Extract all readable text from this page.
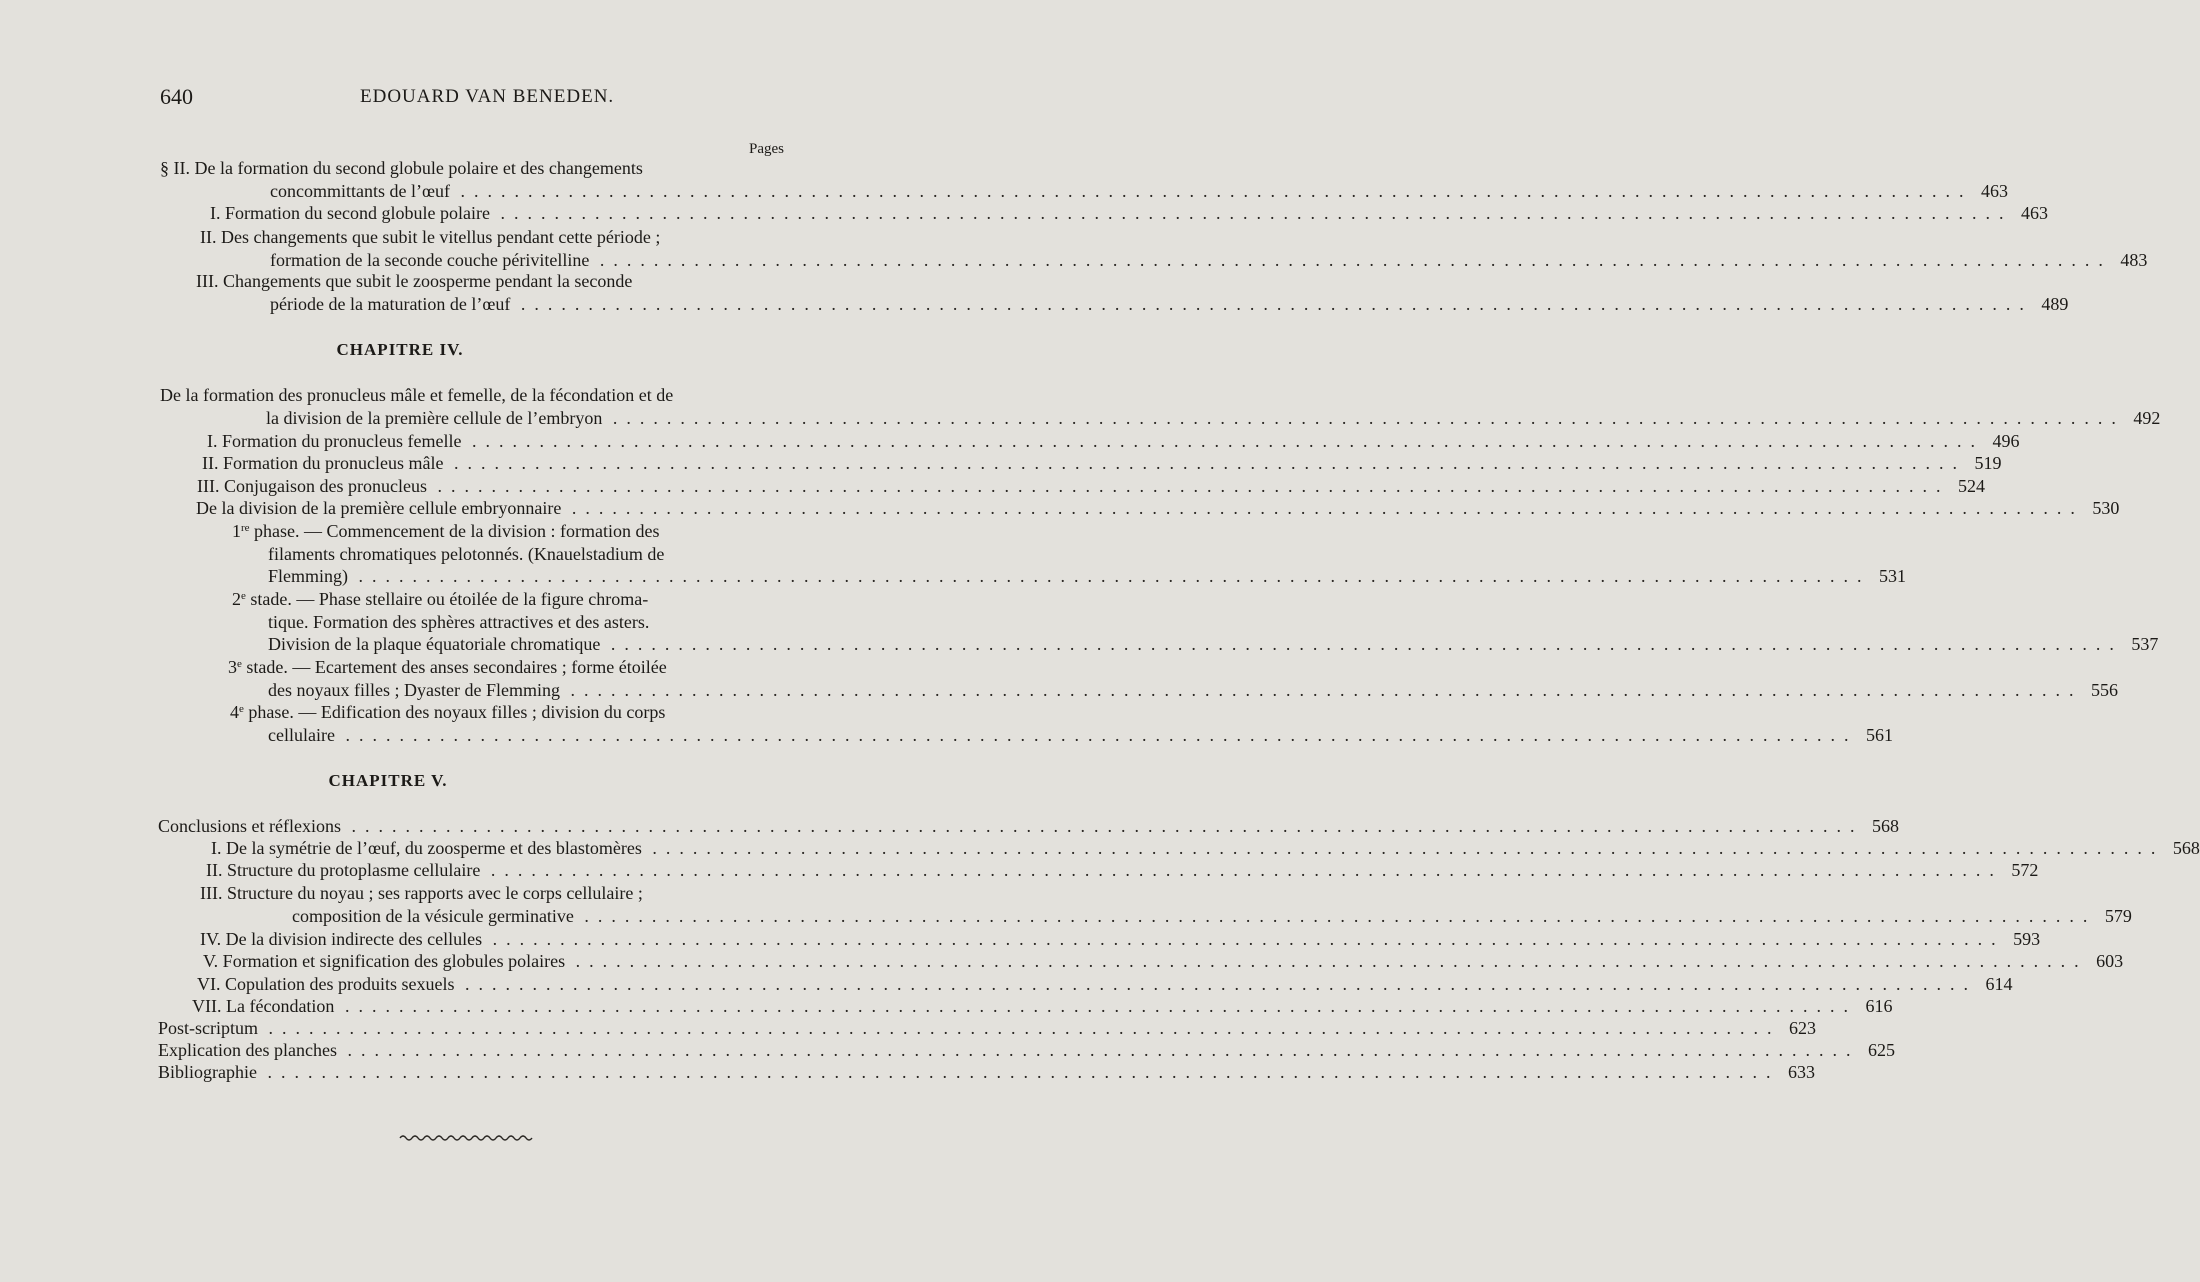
640	EDOUARD VAN BENEDEN.
Pages
§ II. De la formation du second globule polaire et des changements
concommittants de l’œuf .....	463
I. Formation du second globule polaire .....	463
II. Des changements que subit le vitellus pendant cette période ;
formation de la seconde couche périvitelline .....	483
III. Changements que subit le zoosperme pendant la seconde
période de la maturation de l’œuf .....	489
CHAPITRE IV.
De la formation des pronucleus mâle et femelle, de la fécondation et de
la division de la première cellule de l’embryon .....	492
I. Formation du pronucleus femelle .....	496
II. Formation du pronucleus mâle .....	519
III. Conjugaison des pronucleus .....	524
De la division de la première cellule embryonnaire .....	530
1re phase. — Commencement de la division : formation des
filaments chromatiques pelotonnés. (Knauelstadium de
Flemming) .....	531
2e stade. — Phase stellaire ou étoilée de la figure chroma-
tique. Formation des sphères attractives et des asters.
Division de la plaque équatoriale chromatique .....	537
3e stade. — Ecartement des anses secondaires ; forme étoilée
des noyaux filles ; Dyaster de Flemming .....	556
4e phase. — Edification des noyaux filles ; division du corps
cellulaire .....	561
CHAPITRE V.
Conclusions et réflexions .....	568
I. De la symétrie de l’œuf, du zoosperme et des blastomères .....	568
II. Structure du protoplasme cellulaire .....	572
III. Structure du noyau ; ses rapports avec le corps cellulaire ;
composition de la vésicule germinative .....	579
IV. De la division indirecte des cellules .....	593
V. Formation et signification des globules polaires .....	603
VI. Copulation des produits sexuels .....	614
VII. La fécondation .....	616
Post-scriptum .....	623
Explication des planches .....	625
Bibliographie .....	633
